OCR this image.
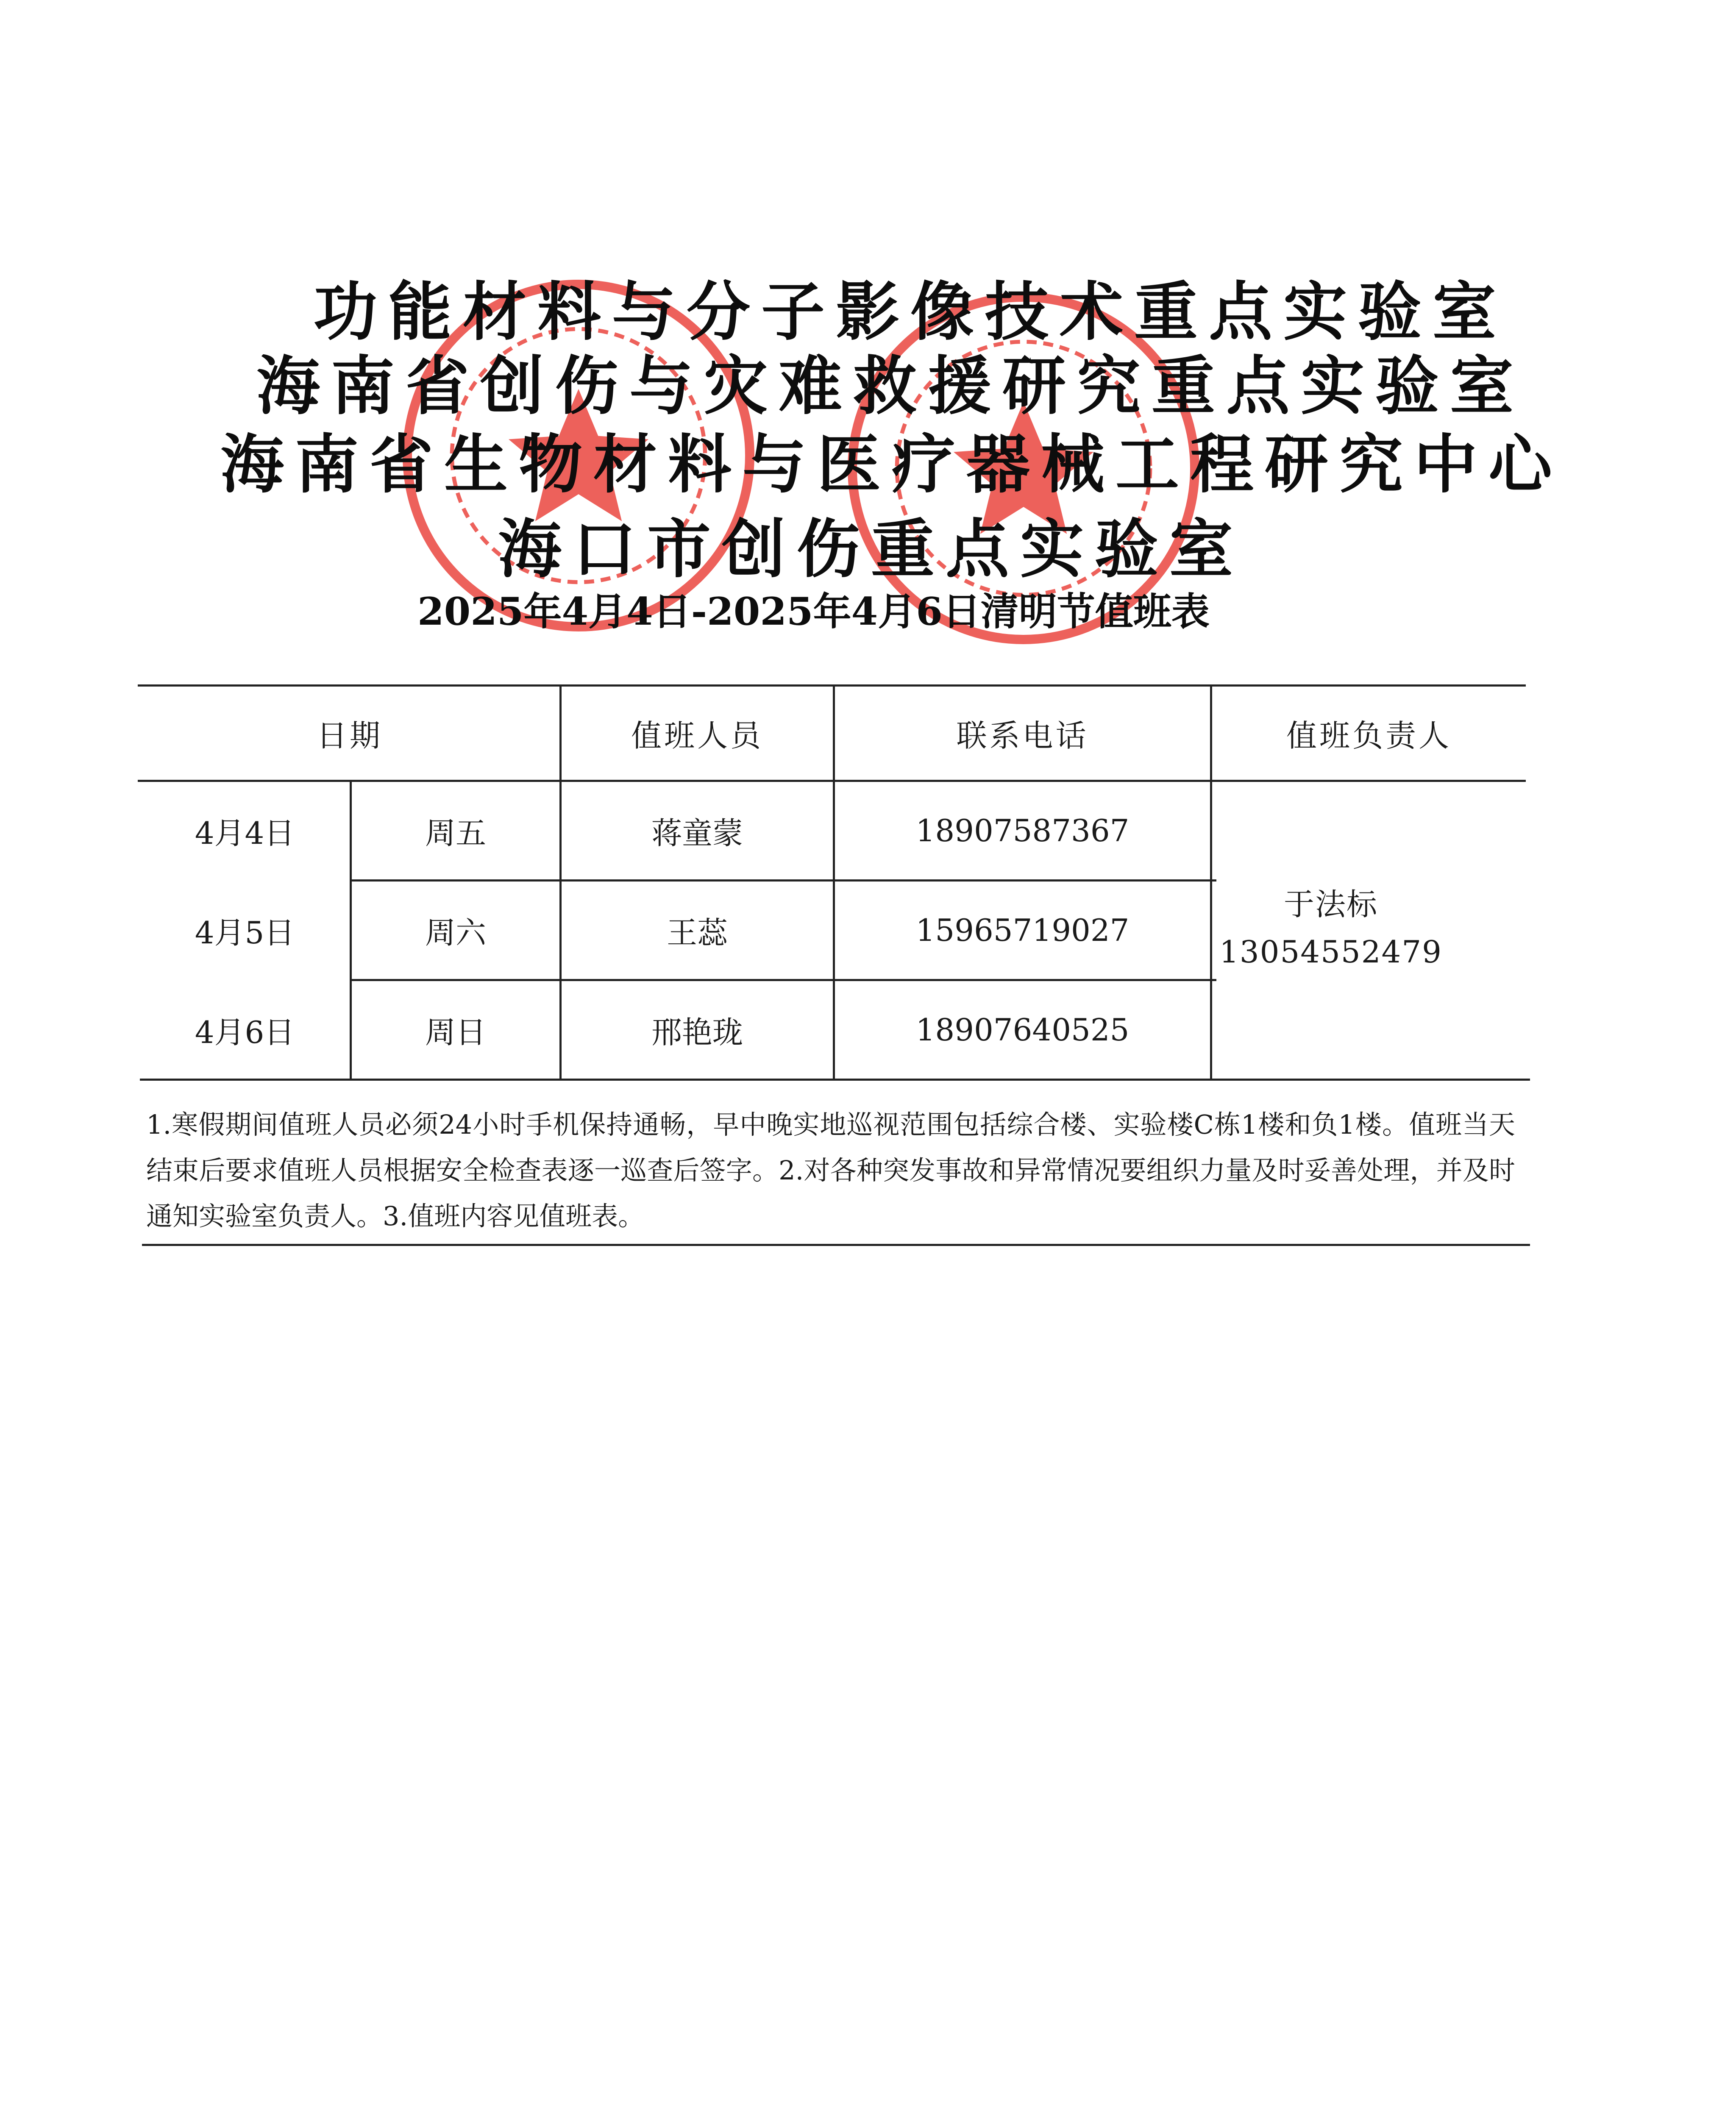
功能材料与分子影像技术重点实验室
海南省创伤与灾难救援研究重点实验室
海南省生物材料与医疗器械工程研究中心
海口市创伤重点实验室
2025年4月4日-2025年4月6日清明节值班表
日期	值班人员	联系电话	值班负责人
4月4日	周五	蒋童蒙	18907587367
4月5日	周六	王蕊	15965719027
4月6日	周日	邢艳珑	18907640525
于法标
13054552479
1.寒假期间值班人员必须24小时手机保持通畅，早中晚实地巡视范围包括综合楼、实验楼C栋1楼和负1楼。值班当天结束后要求值班人员根据安全检查表逐一巡查后签字。2.对各种突发事故和异常情况要组织力量及时妥善处理，并及时通知实验室负责人。3.值班内容见值班表。
